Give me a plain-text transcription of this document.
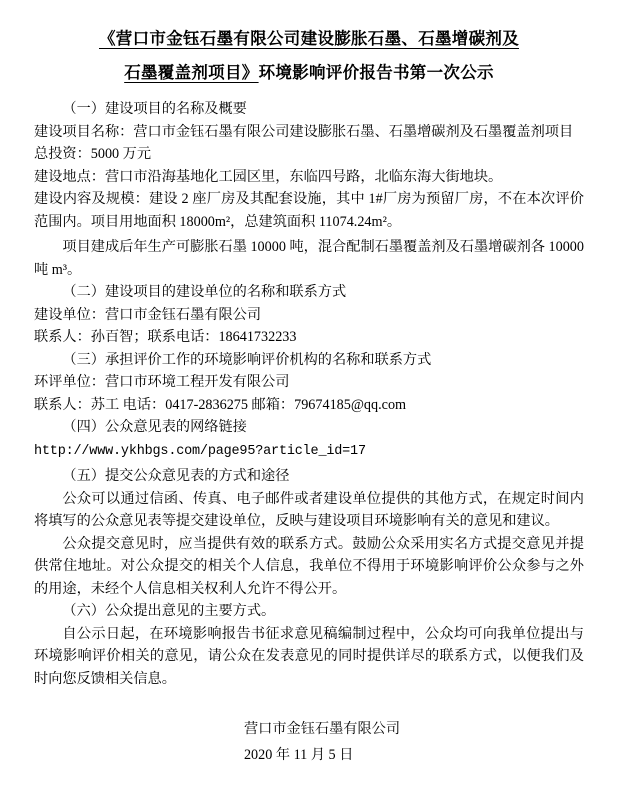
《营口市金钰石墨有限公司建设膨胀石墨、石墨增碳剂及
石墨覆盖剂项目》环境影响评价报告书第一次公示

（一）建设项目的名称及概要

建设项目名称：营口市金钰石墨有限公司建设膨胀石墨、石墨增碳剂及石墨覆盖剂项目

总投资：5000 万元

建设地点：营口市沿海基地化工园区里，东临四号路，北临东海大街地块。

建设内容及规模：建设 2 座厂房及其配套设施，其中 1#厂房为预留厂房，不在本次评价范围内。项目用地面积 18000m²，总建筑面积 11074.24m²。

项目建成后年生产可膨胀石墨 10000 吨，混合配制石墨覆盖剂及石墨增碳剂各 10000 吨 m³。

（二）建设项目的建设单位的名称和联系方式

建设单位：营口市金钰石墨有限公司

联系人：孙百智；联系电话：18641732233

（三）承担评价工作的环境影响评价机构的名称和联系方式

环评单位：营口市环境工程开发有限公司

联系人：苏工 电话：0417-2836275 邮箱：79674185@qq.com

（四）公众意见表的网络链接

http://www.ykhbgs.com/page95?article_id=17

（五）提交公众意见表的方式和途径

公众可以通过信函、传真、电子邮件或者建设单位提供的其他方式，在规定时间内将填写的公众意见表等提交建设单位，反映与建设项目环境影响有关的意见和建议。

公众提交意见时，应当提供有效的联系方式。鼓励公众采用实名方式提交意见并提供常住地址。对公众提交的相关个人信息，我单位不得用于环境影响评价公众参与之外的用途，未经个人信息相关权利人允许不得公开。

（六）公众提出意见的主要方式。

自公示日起，在环境影响报告书征求意见稿编制过程中，公众均可向我单位提出与环境影响评价相关的意见，请公众在发表意见的同时提供详尽的联系方式，以便我们及时向您反馈相关信息。

营口市金钰石墨有限公司
2020 年 11 月 5 日
